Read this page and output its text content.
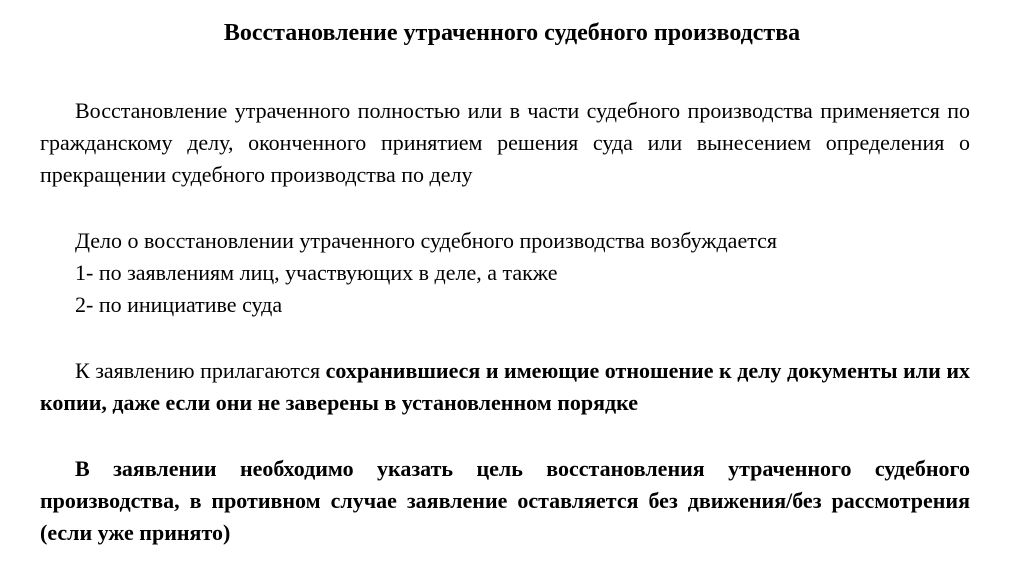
Восстановление утраченного судебного производства

Восстановление утраченного полностью или в части судебного производства применяется по гражданскому делу, оконченного принятием решения суда или вынесением определения о прекращении судебного производства по делу

Дело о восстановлении утраченного судебного производства возбуждается

1- по заявлениям лиц, участвующих в деле, а также

2- по инициативе суда

К заявлению прилагаются сохранившиеся и имеющие отношение к делу документы или их копии, даже если они не заверены в установленном порядке

В заявлении необходимо указать цель восстановления утраченного судебного производства, в противном случае заявление оставляется без движения/без рассмотрения (если уже принято)
